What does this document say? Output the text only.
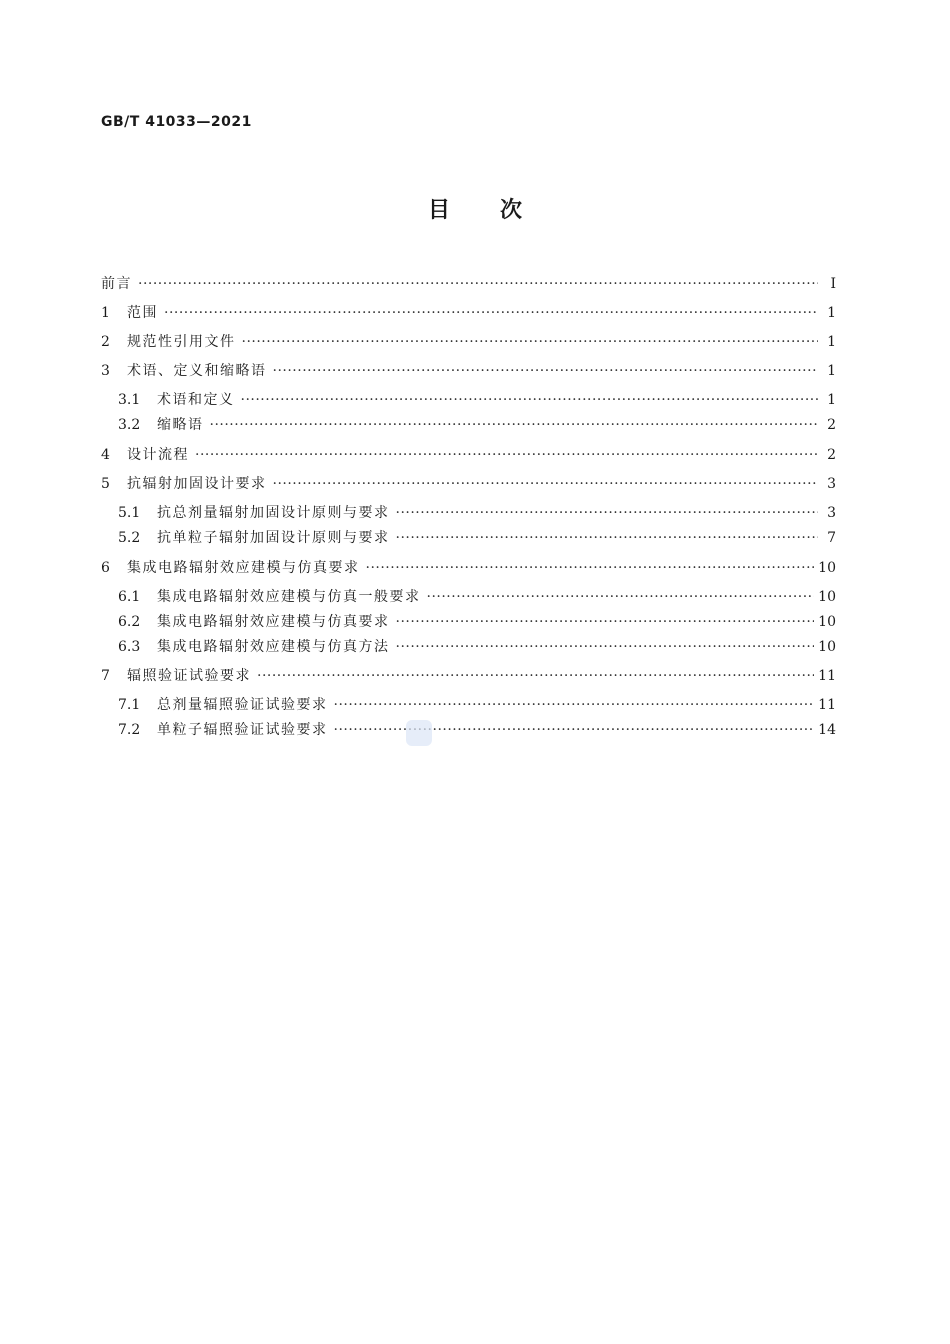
GB/T 41033—2021
目 次
前言 ·····	Ⅰ
1	范围 ·····	1
2	规范性引用文件 ·····	1
3	术语、定义和缩略语 ·····	1
3.1	术语和定义 ·····	1
3.2	缩略语 ·····	2
4	设计流程 ·····	2
5	抗辐射加固设计要求 ·····	3
5.1	抗总剂量辐射加固设计原则与要求 ·····	3
5.2	抗单粒子辐射加固设计原则与要求 ·····	7
6	集成电路辐射效应建模与仿真要求 ·····	10
6.1	集成电路辐射效应建模与仿真一般要求 ·····	10
6.2	集成电路辐射效应建模与仿真要求 ·····	10
6.3	集成电路辐射效应建模与仿真方法 ·····	10
7	辐照验证试验要求 ·····	11
7.1	总剂量辐照验证试验要求 ·····	11
7.2	单粒子辐照验证试验要求 ·····	14
